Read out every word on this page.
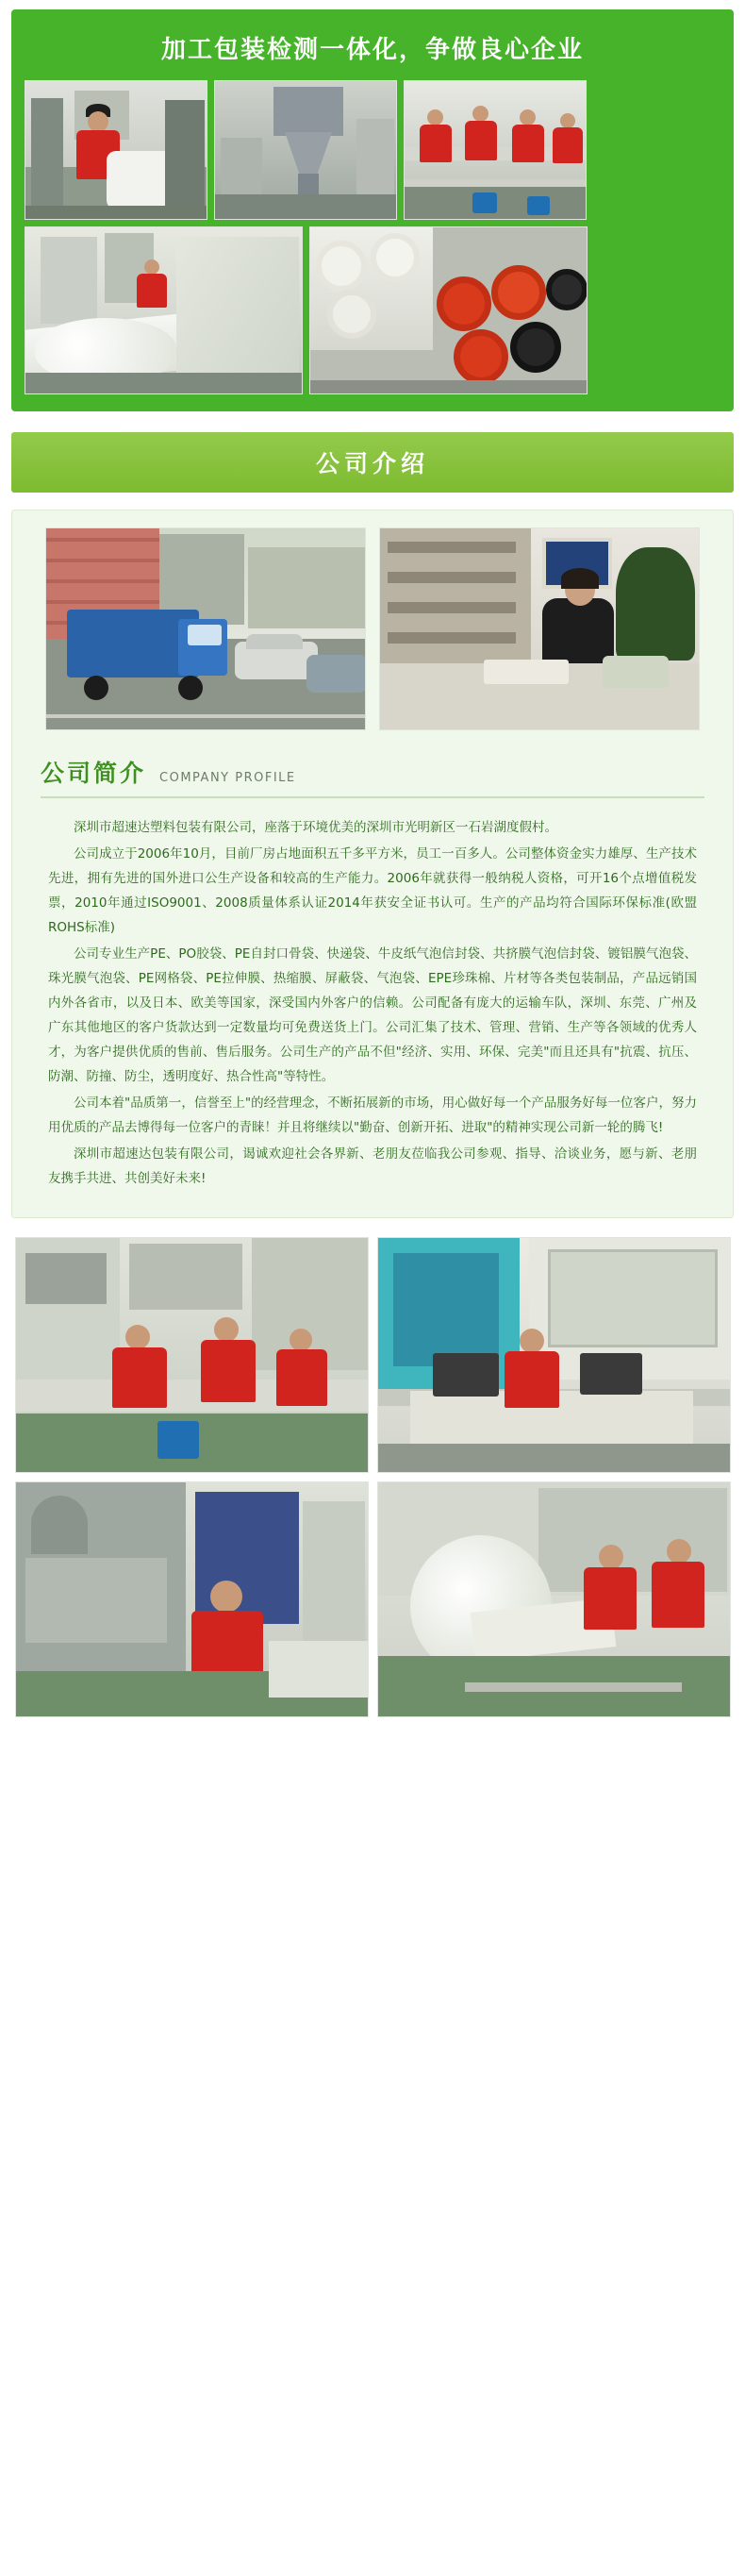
加工包装检测一体化，争做良心企业
公司介绍
公司简介 COMPANY PROFILE

深圳市超速达塑料包装有限公司，座落于环境优美的深圳市光明新区一石岩湖度假村。

公司成立于2006年10月，目前厂房占地面积五千多平方米，员工一百多人。公司整体资金实力雄厚、生产技术先进，拥有先进的国外进口公生产设备和较高的生产能力。2006年就获得一般纳税人资格，可开16个点增值税发票，2010年通过ISO9001、2008质量体系认证2014年获安全证书认可。生产的产品均符合国际环保标准(欧盟ROHS标准)

公司专业生产PE、PO胶袋、PE自封口骨袋、快递袋、牛皮纸气泡信封袋、共挤膜气泡信封袋、镀铝膜气泡袋、珠光膜气泡袋、PE网格袋、PE拉伸膜、热缩膜、屏蔽袋、气泡袋、EPE珍珠棉、片材等各类包装制品，产品远销国内外各省市，以及日本、欧美等国家，深受国内外客户的信赖。公司配备有庞大的运输车队，深圳、东莞、广州及广东其他地区的客户货款达到一定数量均可免费送货上门。公司汇集了技术、管理、营销、生产等各领域的优秀人才，为客户提供优质的售前、售后服务。公司生产的产品不但"经济、实用、环保、完美"而且还具有"抗震、抗压、防潮、防撞、防尘，透明度好、热合性高"等特性。

公司本着"品质第一，信誉至上"的经营理念，不断拓展新的市场，用心做好每一个产品服务好每一位客户，努力用优质的产品去博得每一位客户的青睐！并且将继续以"勤奋、创新开拓、进取"的精神实现公司新一轮的腾飞!

深圳市超速达包装有限公司，谒诚欢迎社会各界新、老朋友莅临我公司参观、指导、洽谈业务，愿与新、老朋友携手共进、共创美好未来!
